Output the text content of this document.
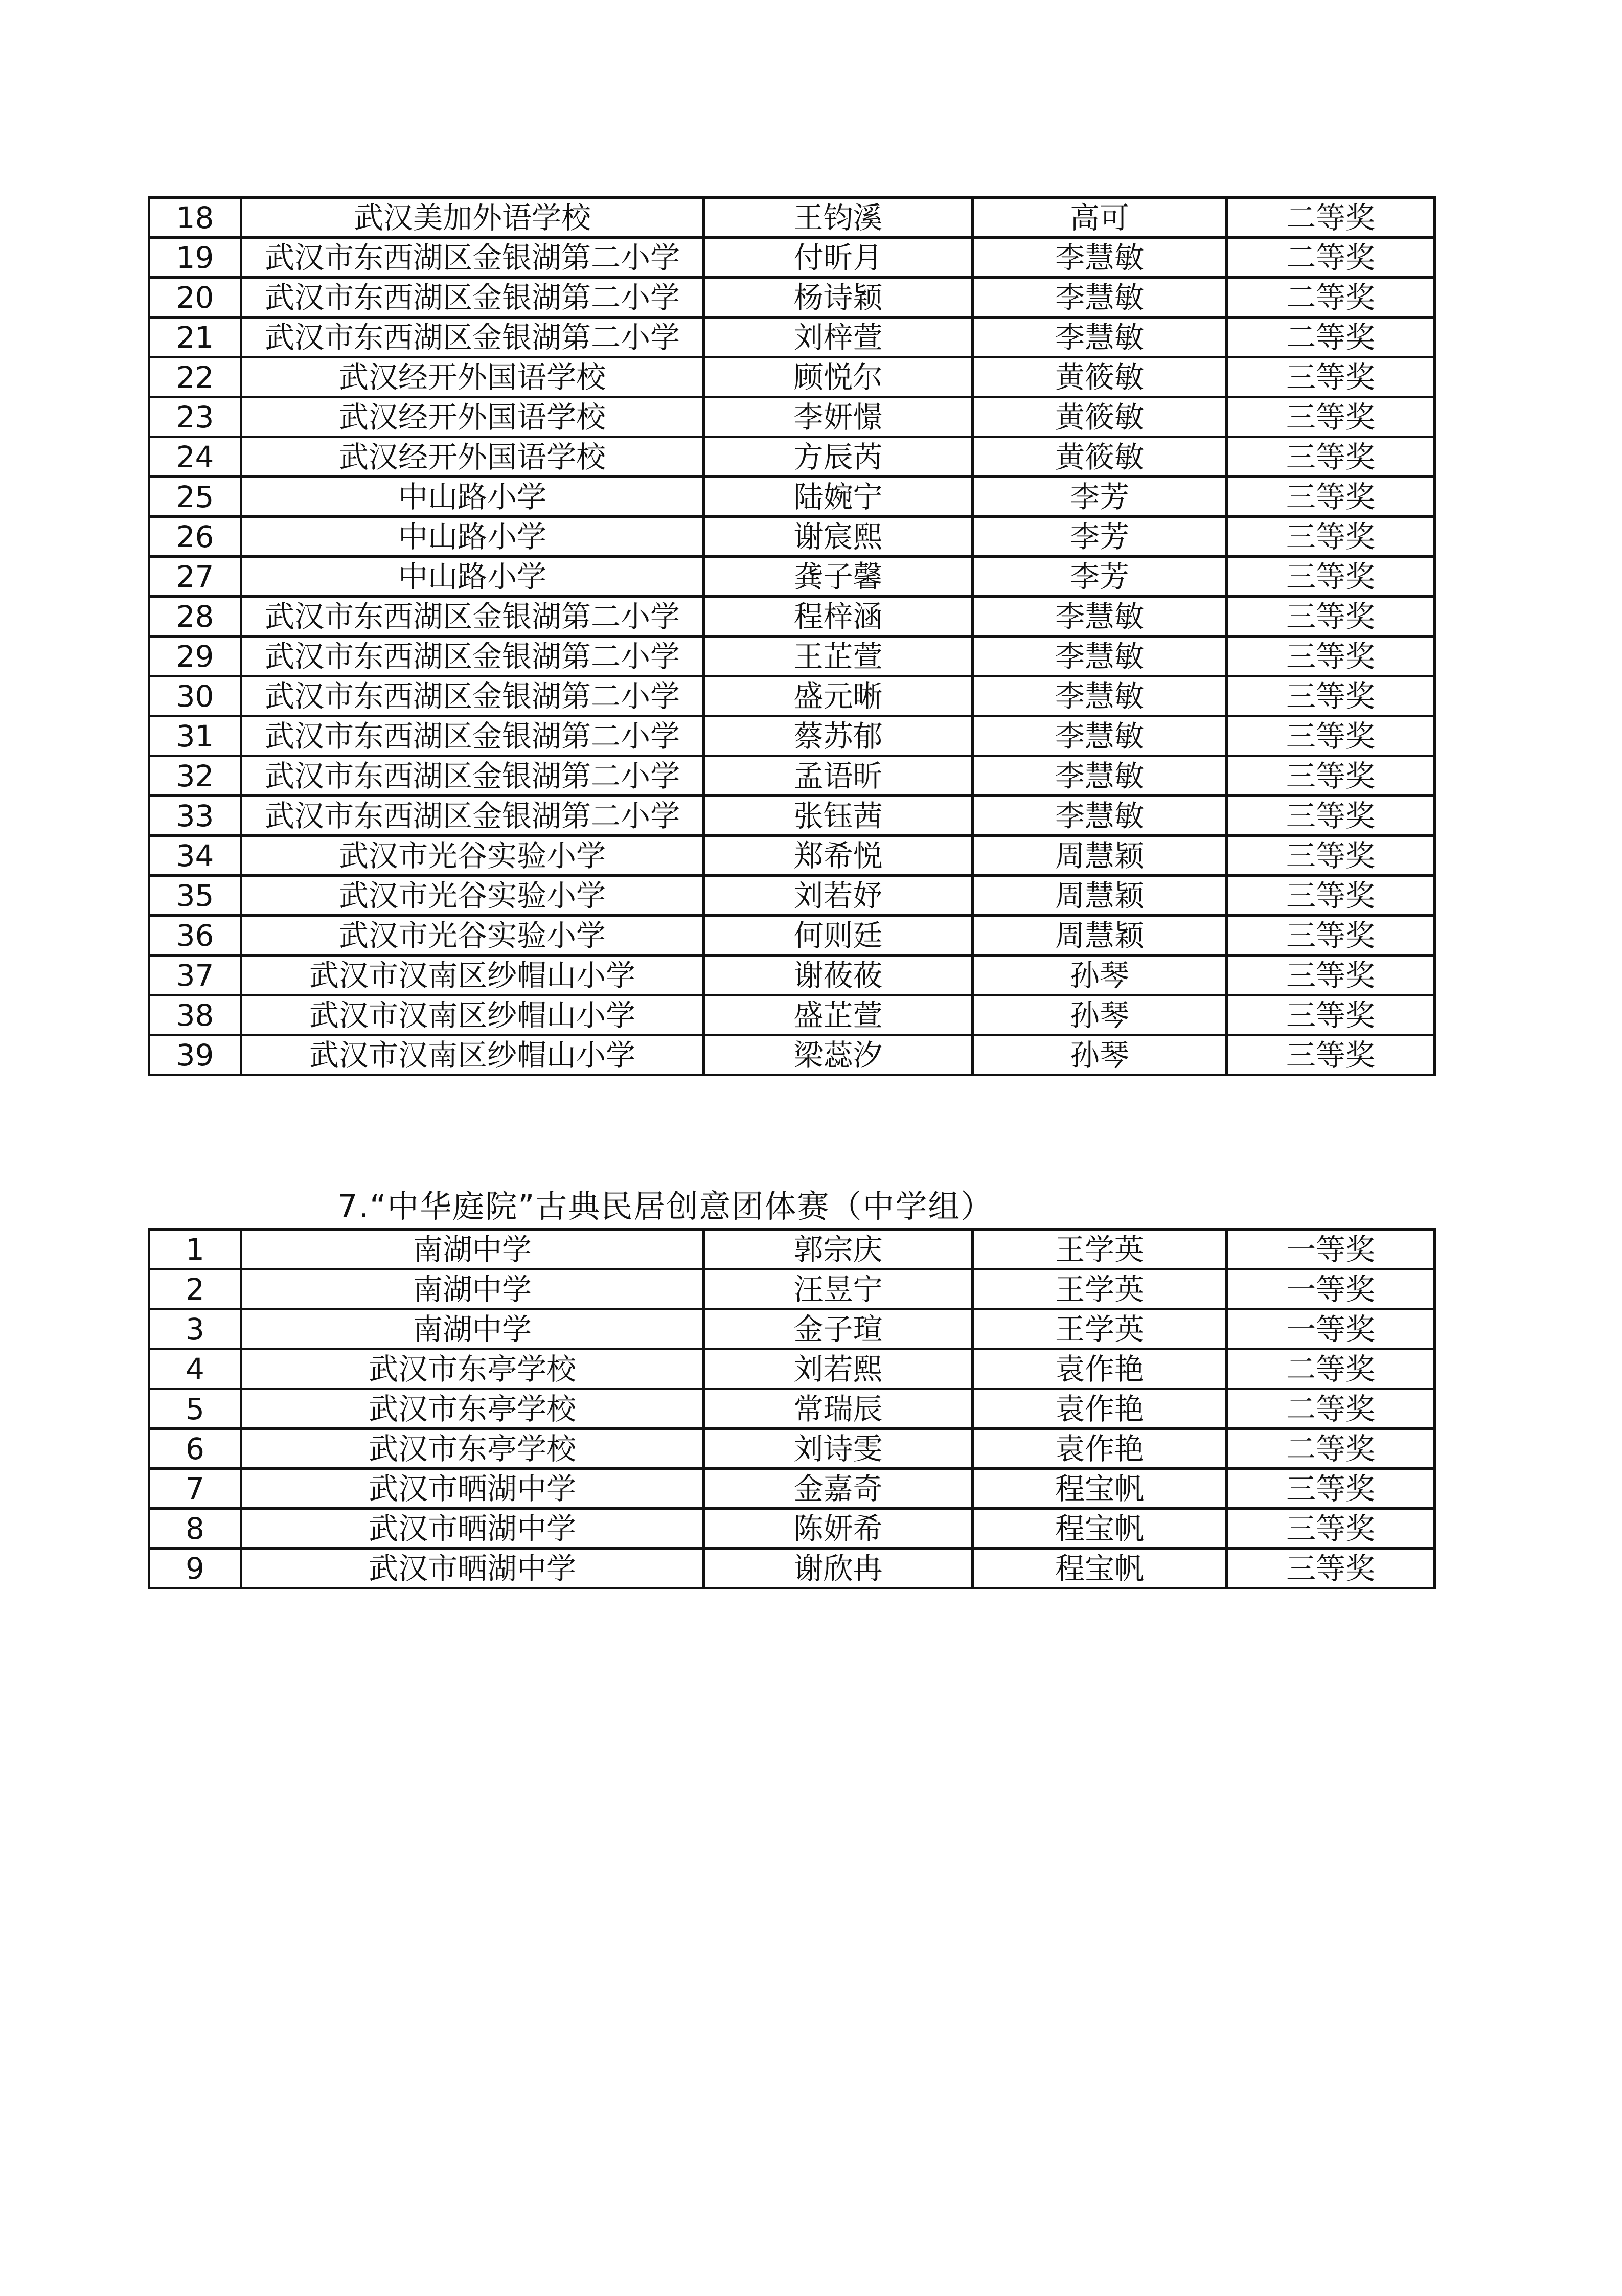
18	武汉美加外语学校	王钧溪	高可	二等奖
19	武汉市东西湖区金银湖第二小学	付昕月	李慧敏	二等奖
20	武汉市东西湖区金银湖第二小学	杨诗颖	李慧敏	二等奖
21	武汉市东西湖区金银湖第二小学	刘梓萱	李慧敏	二等奖
22	武汉经开外国语学校	顾悦尔	黄筱敏	三等奖
23	武汉经开外国语学校	李妍憬	黄筱敏	三等奖
24	武汉经开外国语学校	方辰芮	黄筱敏	三等奖
25	中山路小学	陆婉宁	李芳	三等奖
26	中山路小学	谢宸熙	李芳	三等奖
27	中山路小学	龚子馨	李芳	三等奖
28	武汉市东西湖区金银湖第二小学	程梓涵	李慧敏	三等奖
29	武汉市东西湖区金银湖第二小学	王芷萱	李慧敏	三等奖
30	武汉市东西湖区金银湖第二小学	盛元晰	李慧敏	三等奖
31	武汉市东西湖区金银湖第二小学	蔡苏郁	李慧敏	三等奖
32	武汉市东西湖区金银湖第二小学	孟语昕	李慧敏	三等奖
33	武汉市东西湖区金银湖第二小学	张钰茜	李慧敏	三等奖
34	武汉市光谷实验小学	郑希悦	周慧颖	三等奖
35	武汉市光谷实验小学	刘若妤	周慧颖	三等奖
36	武汉市光谷实验小学	何则廷	周慧颖	三等奖
37	武汉市汉南区纱帽山小学	谢莜莜	孙琴	三等奖
38	武汉市汉南区纱帽山小学	盛芷萱	孙琴	三等奖
39	武汉市汉南区纱帽山小学	梁蕊汐	孙琴	三等奖
7.“中华庭院”古典民居创意团体赛（中学组）
1	南湖中学	郭宗庆	王学英	一等奖
2	南湖中学	汪昱宁	王学英	一等奖
3	南湖中学	金子瑄	王学英	一等奖
4	武汉市东亭学校	刘若熙	袁作艳	二等奖
5	武汉市东亭学校	常瑞辰	袁作艳	二等奖
6	武汉市东亭学校	刘诗雯	袁作艳	二等奖
7	武汉市晒湖中学	金嘉奇	程宝帆	三等奖
8	武汉市晒湖中学	陈妍希	程宝帆	三等奖
9	武汉市晒湖中学	谢欣冉	程宝帆	三等奖
